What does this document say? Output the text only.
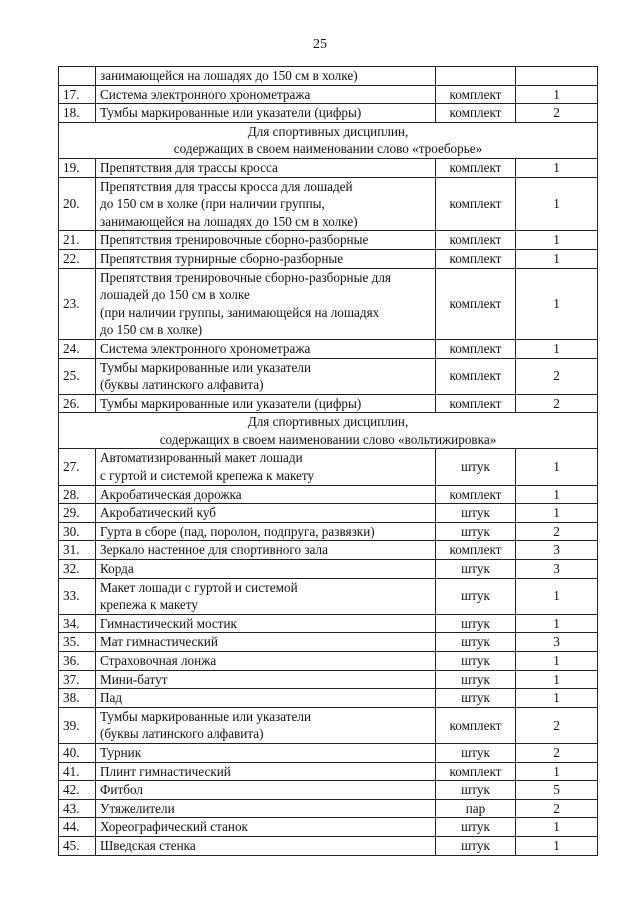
25

	занимающейся на лошадях до 150 см в холке)		

17.	Система электронного хронометража	комплект	1
18.	Тумбы маркированные или указатели (цифры)	комплект	2

Для спортивных дисциплин,
содержащих в своем наименовании слово «троеборье»			

19.	Препятствия для трассы кросса	комплект	1
20.	Препятствия для трассы кросса для лошадей
до 150 см в холке (при наличии группы,
занимающейся на лошадях до 150 см в холке)	комплект	1
21.	Препятствия тренировочные сборно-разборные	комплект	1
22.	Препятствия турнирные сборно-разборные	комплект	1
23.	Препятствия тренировочные сборно-разборные для
лошадей до 150 см в холке
(при наличии группы, занимающейся на лошадях
до 150 см в холке)	комплект	1
24.	Система электронного хронометража	комплект	1
25.	Тумбы маркированные или указатели
(буквы латинского алфавита)	комплект	2
26.	Тумбы маркированные или указатели (цифры)	комплект	2

Для спортивных дисциплин,
содержащих в своем наименовании слово «вольтижировка»			

27.	Автоматизированный макет лошади
с гуртой и системой крепежа к макету	штук	1
28.	Акробатическая дорожка	комплект	1
29.	Акробатический куб	штук	1
30.	Гурта в сборе (пад, поролон, подпруга, развязки)	штук	2
31.	Зеркало настенное для спортивного зала	комплект	3
32.	Корда	штук	3
33.	Макет лошади с гуртой и системой
крепежа к макету	штук	1
34.	Гимнастический мостик	штук	1
35.	Мат гимнастический	штук	3
36.	Страховочная лонжа	штук	1
37.	Мини-батут	штук	1
38.	Пад	штук	1
39.	Тумбы маркированные или указатели
(буквы латинского алфавита)	комплект	2
40.	Турник	штук	2
41.	Плинт гимнастический	комплект	1
42.	Фитбол	штук	5
43.	Утяжелители	пар	2
44.	Хореографический станок	штук	1
45.	Шведская стенка	штук	1
